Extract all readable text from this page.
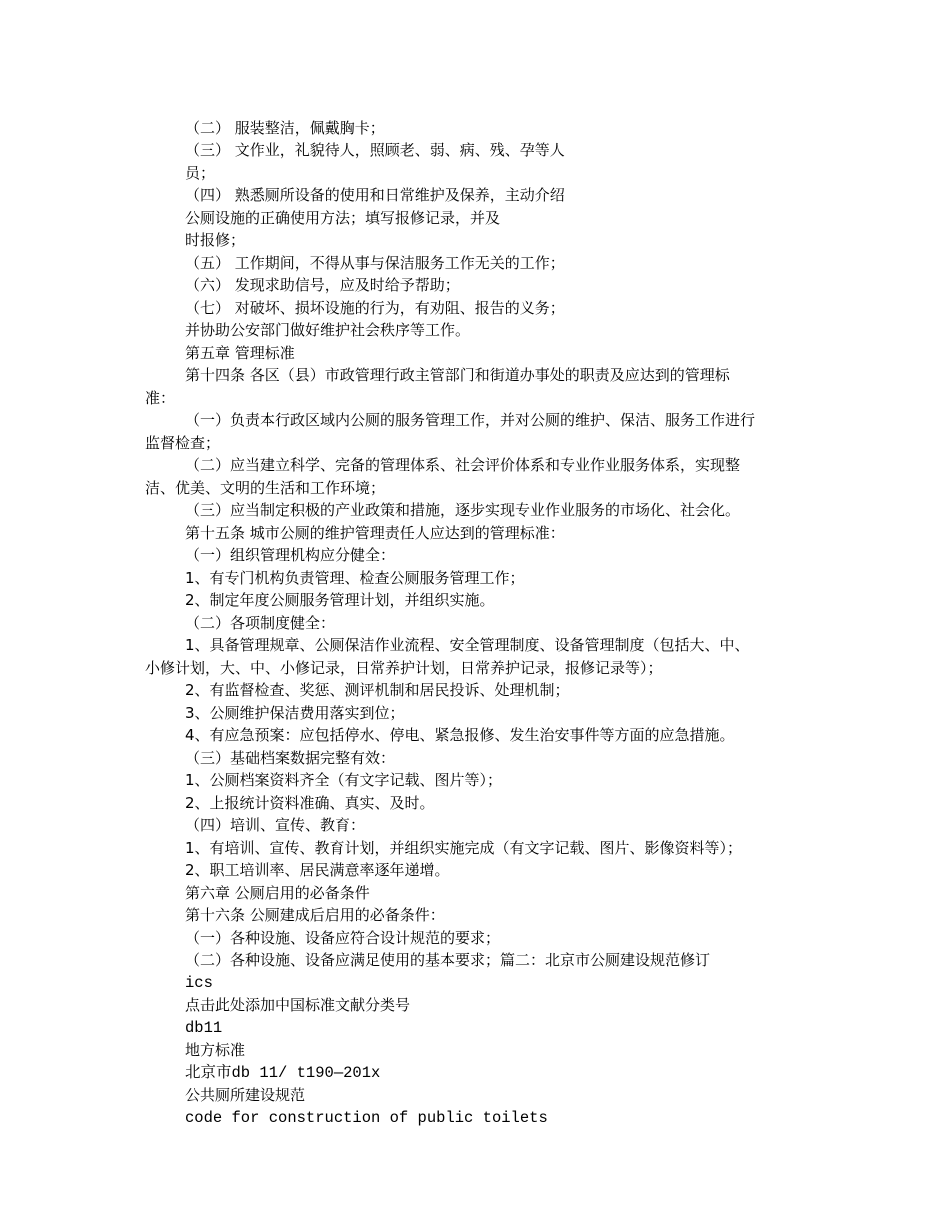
（二） 服装整洁，佩戴胸卡；
（三） 文作业，礼貌待人，照顾老、弱、病、残、孕等人
员；
（四） 熟悉厕所设备的使用和日常维护及保养，主动介绍
公厕设施的正确使用方法；填写报修记录，并及
时报修；
（五） 工作期间，不得从事与保洁服务工作无关的工作；
（六） 发现求助信号，应及时给予帮助；
（七） 对破坏、损坏设施的行为，有劝阻、报告的义务；
并协助公安部门做好维护社会秩序等工作。
第五章 管理标准
第十四条 各区（县）市政管理行政主管部门和街道办事处的职责及应达到的管理标
准：
（一）负责本行政区域内公厕的服务管理工作，并对公厕的维护、保洁、服务工作进行
监督检查；
（二）应当建立科学、完备的管理体系、社会评价体系和专业作业服务体系，实现整
洁、优美、文明的生活和工作环境；
（三）应当制定积极的产业政策和措施，逐步实现专业作业服务的市场化、社会化。
第十五条 城市公厕的维护管理责任人应达到的管理标准：
（一）组织管理机构应分健全：
1、有专门机构负责管理、检查公厕服务管理工作；
2、制定年度公厕服务管理计划，并组织实施。
（二）各项制度健全：
1、具备管理规章、公厕保洁作业流程、安全管理制度、设备管理制度（包括大、中、
小修计划，大、中、小修记录，日常养护计划，日常养护记录，报修记录等）；
2、有监督检查、奖惩、测评机制和居民投诉、处理机制；
3、公厕维护保洁费用落实到位；
4、有应急预案：应包括停水、停电、紧急报修、发生治安事件等方面的应急措施。
（三）基础档案数据完整有效：
1、公厕档案资料齐全（有文字记载、图片等）；
2、上报统计资料准确、真实、及时。
（四）培训、宣传、教育：
1、有培训、宣传、教育计划，并组织实施完成（有文字记载、图片、影像资料等）；
2、职工培训率、居民满意率逐年递增。
第六章 公厕启用的必备条件
第十六条 公厕建成后启用的必备条件：
（一）各种设施、设备应符合设计规范的要求；
（二）各种设施、设备应满足使用的基本要求；篇二：北京市公厕建设规范修订
ics
点击此处添加中国标准文献分类号
db11
地方标准
北京市db 11/ t190—201x
公共厕所建设规范
code for construction of public toilets
